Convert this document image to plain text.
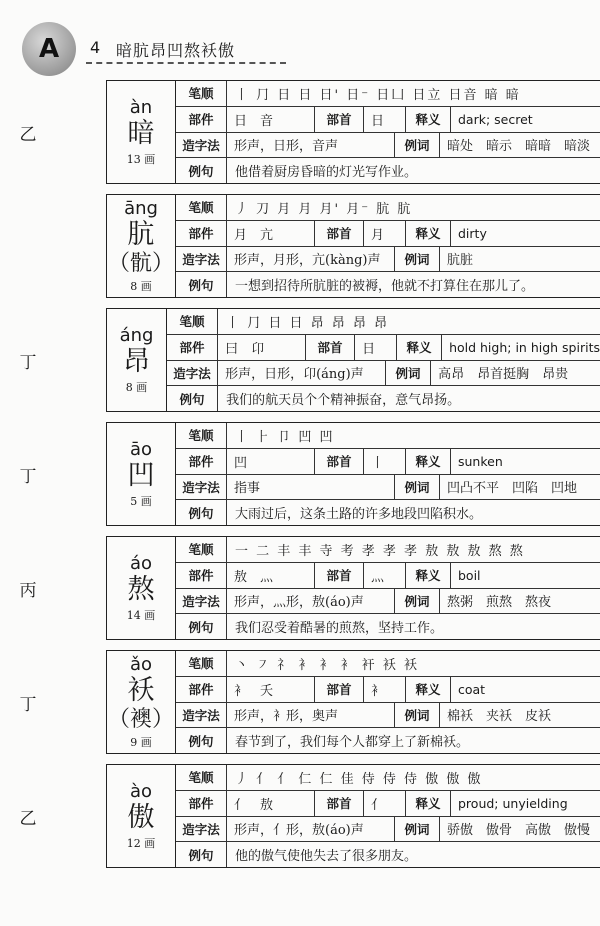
A	4 暗肮昂凹熬袄傲
乙
àn
暗
13 画
笔顺	丨 ⺆ 日 日 日' 日⁻ 日⼐ 日立 日音 暗 暗
部件	日　音	部首	日	释义	dark; secret
造字法	形声，日形，音声	例词	暗处　暗示　暗暗　暗淡
例句	他借着厨房昏暗的灯光写作业。
āng
肮
（骯）
8 画
笔顺	丿 刀 月 月 月' 月⁻ 肮 肮
部件	月　亢	部首	月	释义	dirty
造字法	形声，月形，亢(kàng)声	例词	肮脏
例句	一想到招待所肮脏的被褥，他就不打算住在那儿了。
丁
áng
昂
8 画
笔顺	丨 ⺆ 日 日 昂 昂 昂 昂
部件	曰　卬	部首	日	释义	hold high; in high spirits
造字法	形声，日形，卬(áng)声	例词	高昂　昂首挺胸　昂贵
例句	我们的航天员个个精神振奋，意气昂扬。
丁
āo
凹
5 画
笔顺	丨 ⺊ 卩 凹 凹
部件	凹	部首	丨	释义	sunken
造字法	指事	例词	凹凸不平　凹陷　凹地
例句	大雨过后，这条土路的许多地段凹陷积水。
丙
áo
熬
14 画
笔顺	一 二 丰 丰 寺 考 孝 孝 孝 敖 敖 敖 熬 熬
部件	敖　灬	部首	灬	释义	boil
造字法	形声，灬形，敖(áo)声	例词	熬粥　煎熬　熬夜
例句	我们忍受着酷暑的煎熬，坚持工作。
丁
ǎo
袄
（襖）
9 画
笔顺	丶 ㇇ 礻 衤 衤 衤 衦 袄 袄
部件	衤　夭	部首	衤	释义	coat
造字法	形声，衤形，奥声	例词	棉袄　夹袄　皮袄
例句	春节到了，我们每个人都穿上了新棉袄。
乙
ào
傲
12 画
笔顺	丿 亻 亻 仁 仁 佳 侍 侍 侍 傲 傲 傲
部件	亻　敖	部首	亻	释义	proud; unyielding
造字法	形声，亻形，敖(áo)声	例词	骄傲　傲骨　高傲　傲慢
例句	他的傲气使他失去了很多朋友。
